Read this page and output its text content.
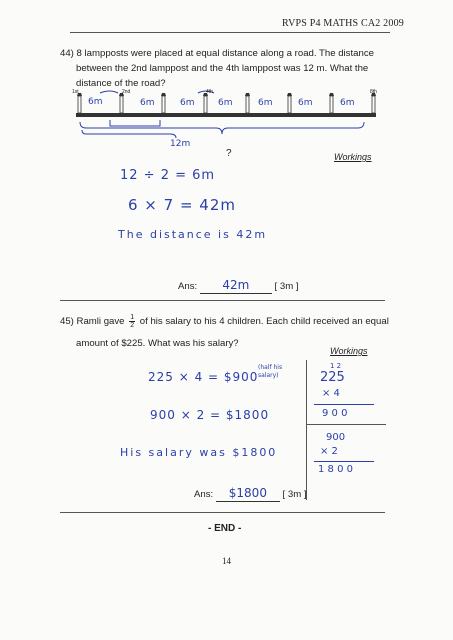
RVPS P4 MATHS CA2 2009
44) 8 lampposts were placed at equal distance along a road. The distance
between the 2nd lamppost and the 4th lamppost was 12 m. What the
distance of the road?
1st	2nd	4th	8th
6m	6m	6m	6m	6m	6m	6m
12m
?	Workings
12 ÷ 2 = 6m
6 × 7 = 42m
The distance is 42m
Ans: 42m	[ 3m ]
45) Ramli gave $\frac{1}{2}$ of his salary to his 4 children. Each child received an equal
amount of $225. What was his salary?
Workings
225 × 4 = $900
(half his salary)
900 × 2 = $1800
His salary was $1800
1 2
225
× 4
9 0 0
900
× 2
1 8 0 0
Ans: $1800 [ 3m ]
- END -
14
